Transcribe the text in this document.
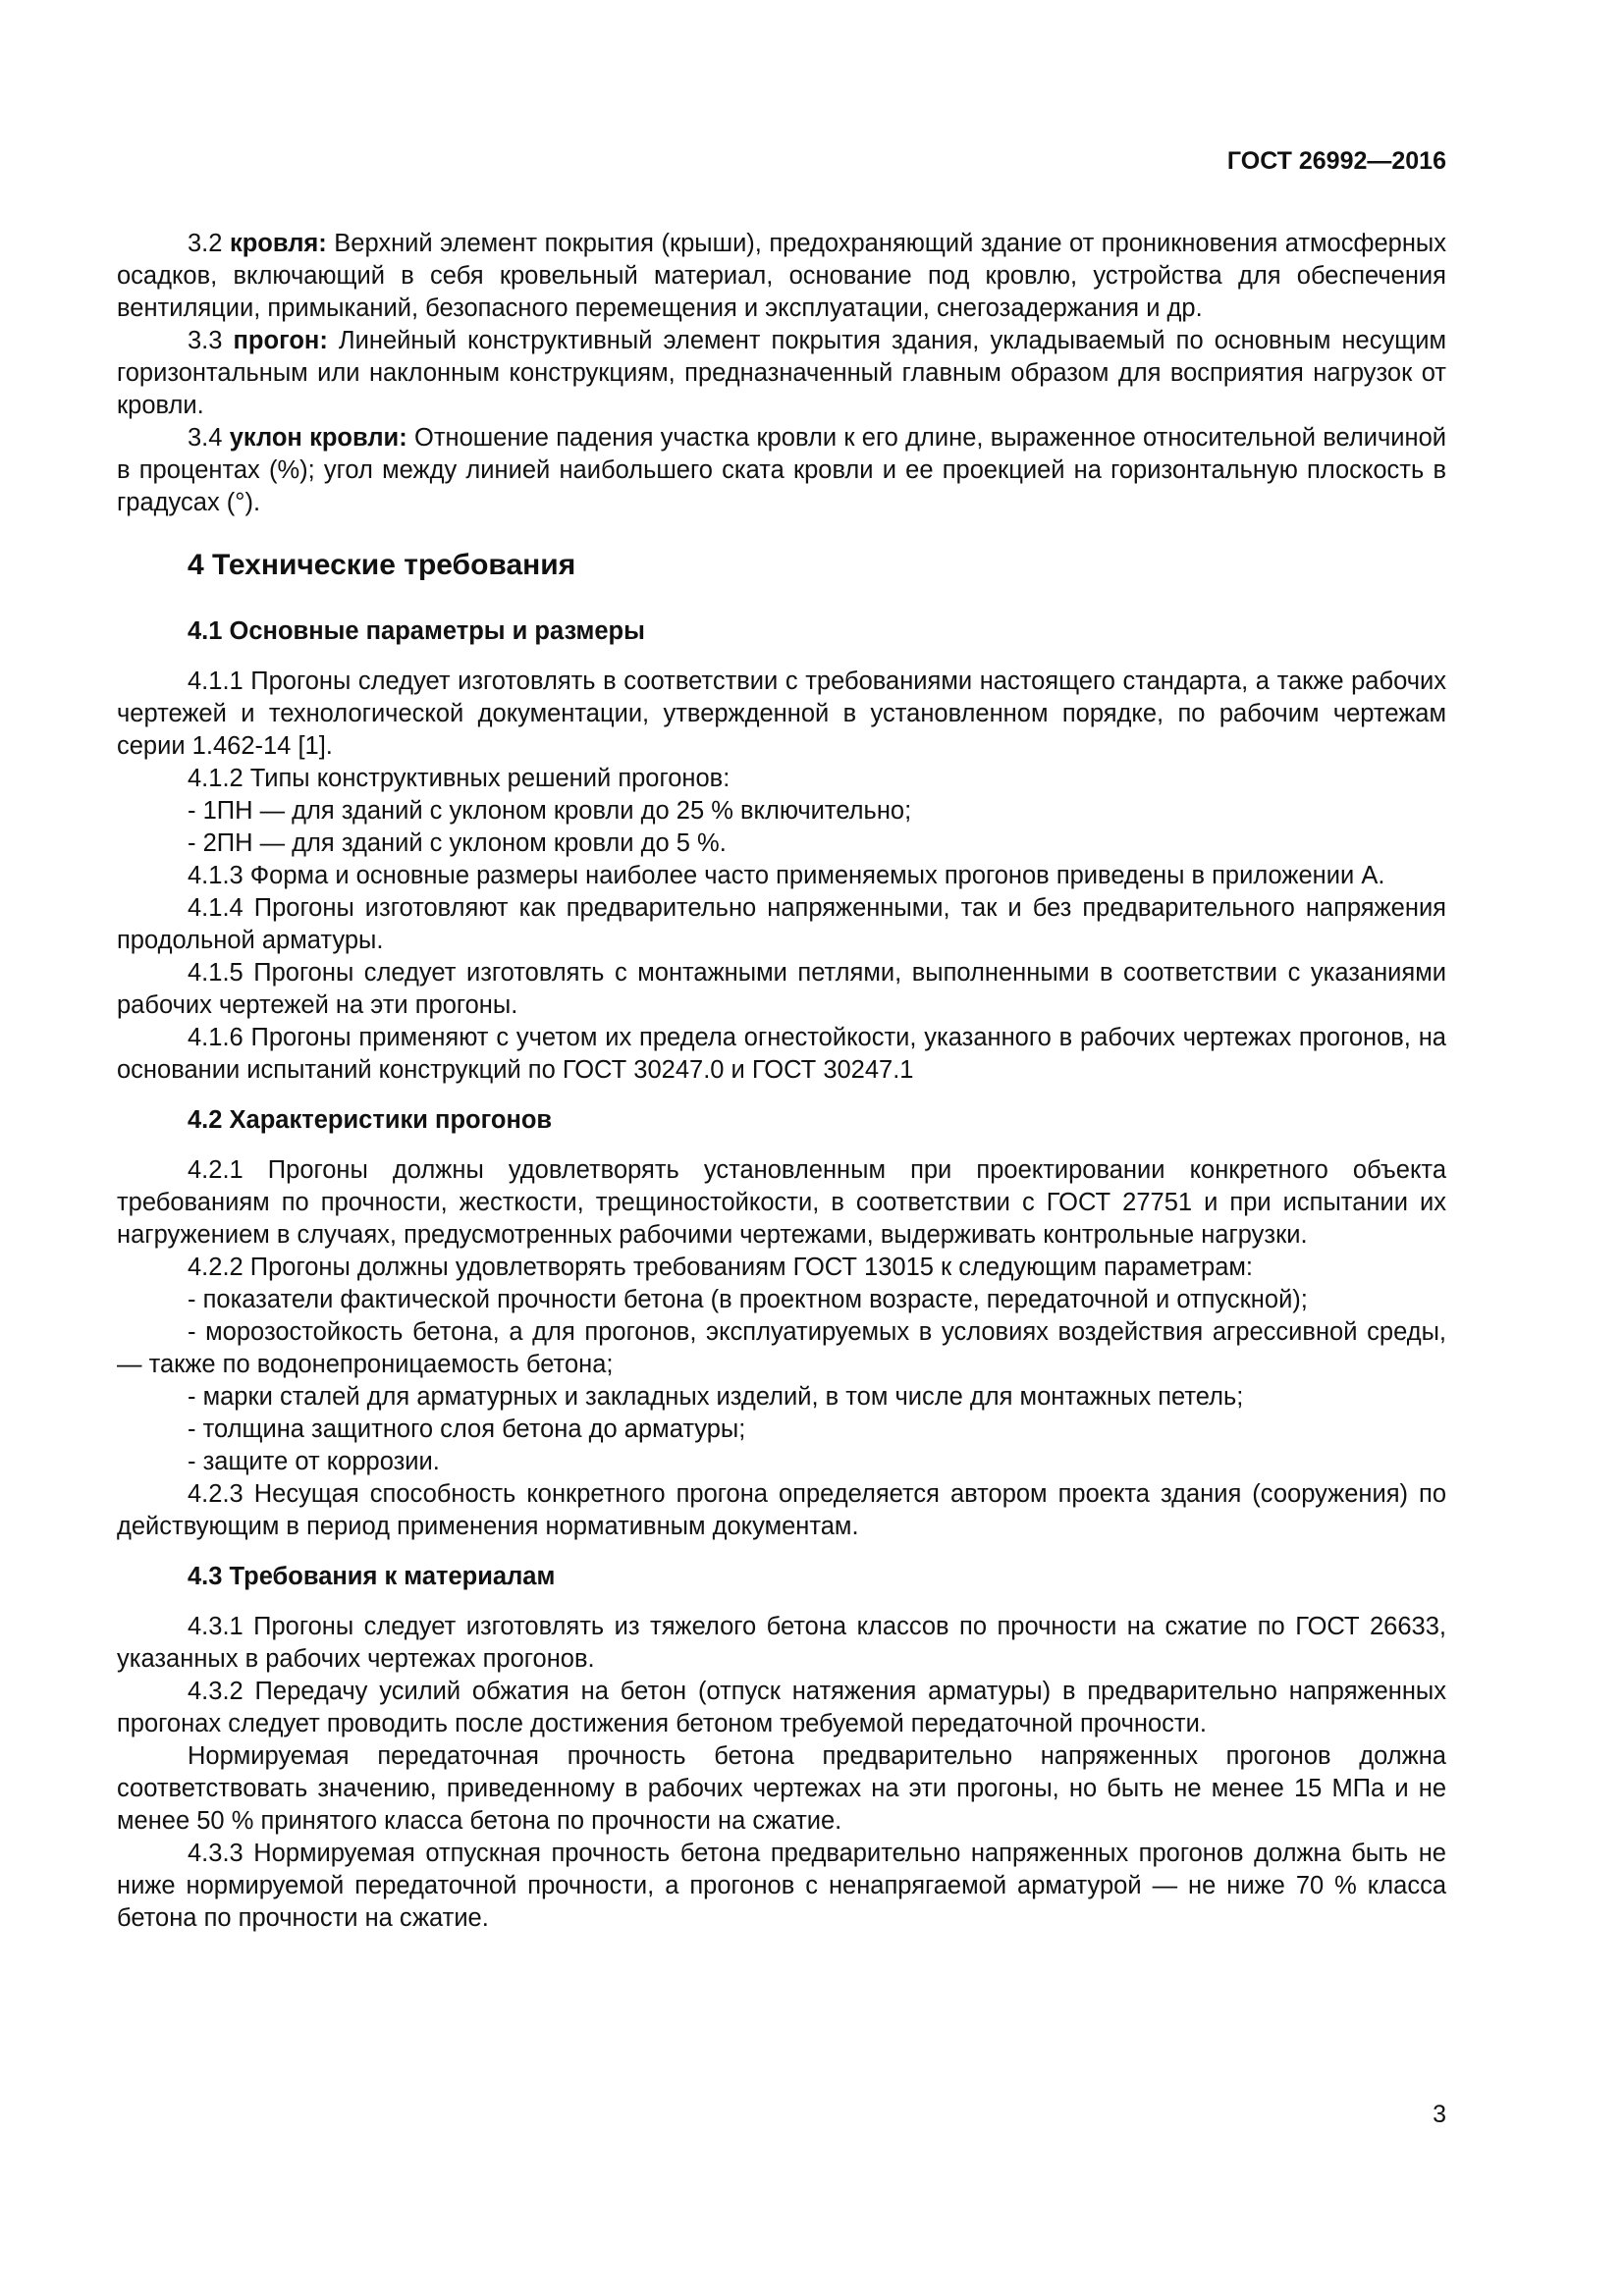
ГОСТ 26992—2016

3.2 кровля: Верхний элемент покрытия (крыши), предохраняющий здание от проникновения атмосферных осадков, включающий в себя кровельный материал, основание под кровлю, устройства для обеспечения вентиляции, примыканий, безопасного перемещения и эксплуатации, снегозадержания и др.

3.3 прогон: Линейный конструктивный элемент покрытия здания, укладываемый по основным несущим горизонтальным или наклонным конструкциям, предназначенный главным образом для восприятия нагрузок от кровли.

3.4 уклон кровли: Отношение падения участка кровли к его длине, выраженное относительной величиной в процентах (%); угол между линией наибольшего ската кровли и ее проекцией на горизонтальную плоскость в градусах (°).

4 Технические требования
4.1 Основные параметры и размеры

4.1.1 Прогоны следует изготовлять в соответствии с требованиями настоящего стандарта, а также рабочих чертежей и технологической документации, утвержденной в установленном порядке, по рабочим чертежам серии 1.462-14 [1].

4.1.2 Типы конструктивных решений прогонов:

- 1ПН — для зданий с уклоном кровли до 25 % включительно;

- 2ПН — для зданий с уклоном кровли до 5 %.

4.1.3 Форма и основные размеры наиболее часто применяемых прогонов приведены в приложении А.

4.1.4 Прогоны изготовляют как предварительно напряженными, так и без предварительного напряжения продольной арматуры.

4.1.5 Прогоны следует изготовлять с монтажными петлями, выполненными в соответствии с указаниями рабочих чертежей на эти прогоны.

4.1.6 Прогоны применяют с учетом их предела огнестойкости, указанного в рабочих чертежах прогонов, на основании испытаний конструкций по ГОСТ 30247.0 и ГОСТ 30247.1

4.2 Характеристики прогонов

4.2.1 Прогоны должны удовлетворять установленным при проектировании конкретного объекта требованиям по прочности, жесткости, трещиностойкости, в соответствии с ГОСТ 27751 и при испытании их нагружением в случаях, предусмотренных рабочими чертежами, выдерживать контрольные нагрузки.

4.2.2 Прогоны должны удовлетворять требованиям ГОСТ 13015 к следующим параметрам:

- показатели фактической прочности бетона (в проектном возрасте, передаточной и отпускной);

- морозостойкость бетона, а для прогонов, эксплуатируемых в условиях воздействия агрессивной среды, — также по водонепроницаемость бетона;

- марки сталей для арматурных и закладных изделий, в том числе для монтажных петель;

- толщина защитного слоя бетона до арматуры;

- защите от коррозии.

4.2.3 Несущая способность конкретного прогона определяется автором проекта здания (сооружения) по действующим в период применения нормативным документам.

4.3 Требования к материалам

4.3.1 Прогоны следует изготовлять из тяжелого бетона классов по прочности на сжатие по ГОСТ 26633, указанных в рабочих чертежах прогонов.

4.3.2 Передачу усилий обжатия на бетон (отпуск натяжения арматуры) в предварительно напряженных прогонах следует проводить после достижения бетоном требуемой передаточной прочности.

Нормируемая передаточная прочность бетона предварительно напряженных прогонов должна соответствовать значению, приведенному в рабочих чертежах на эти прогоны, но быть не менее 15 МПа и не менее 50 % принятого класса бетона по прочности на сжатие.

4.3.3 Нормируемая отпускная прочность бетона предварительно напряженных прогонов должна быть не ниже нормируемой передаточной прочности, а прогонов с ненапрягаемой арматурой — не ниже 70 % класса бетона по прочности на сжатие.

3
